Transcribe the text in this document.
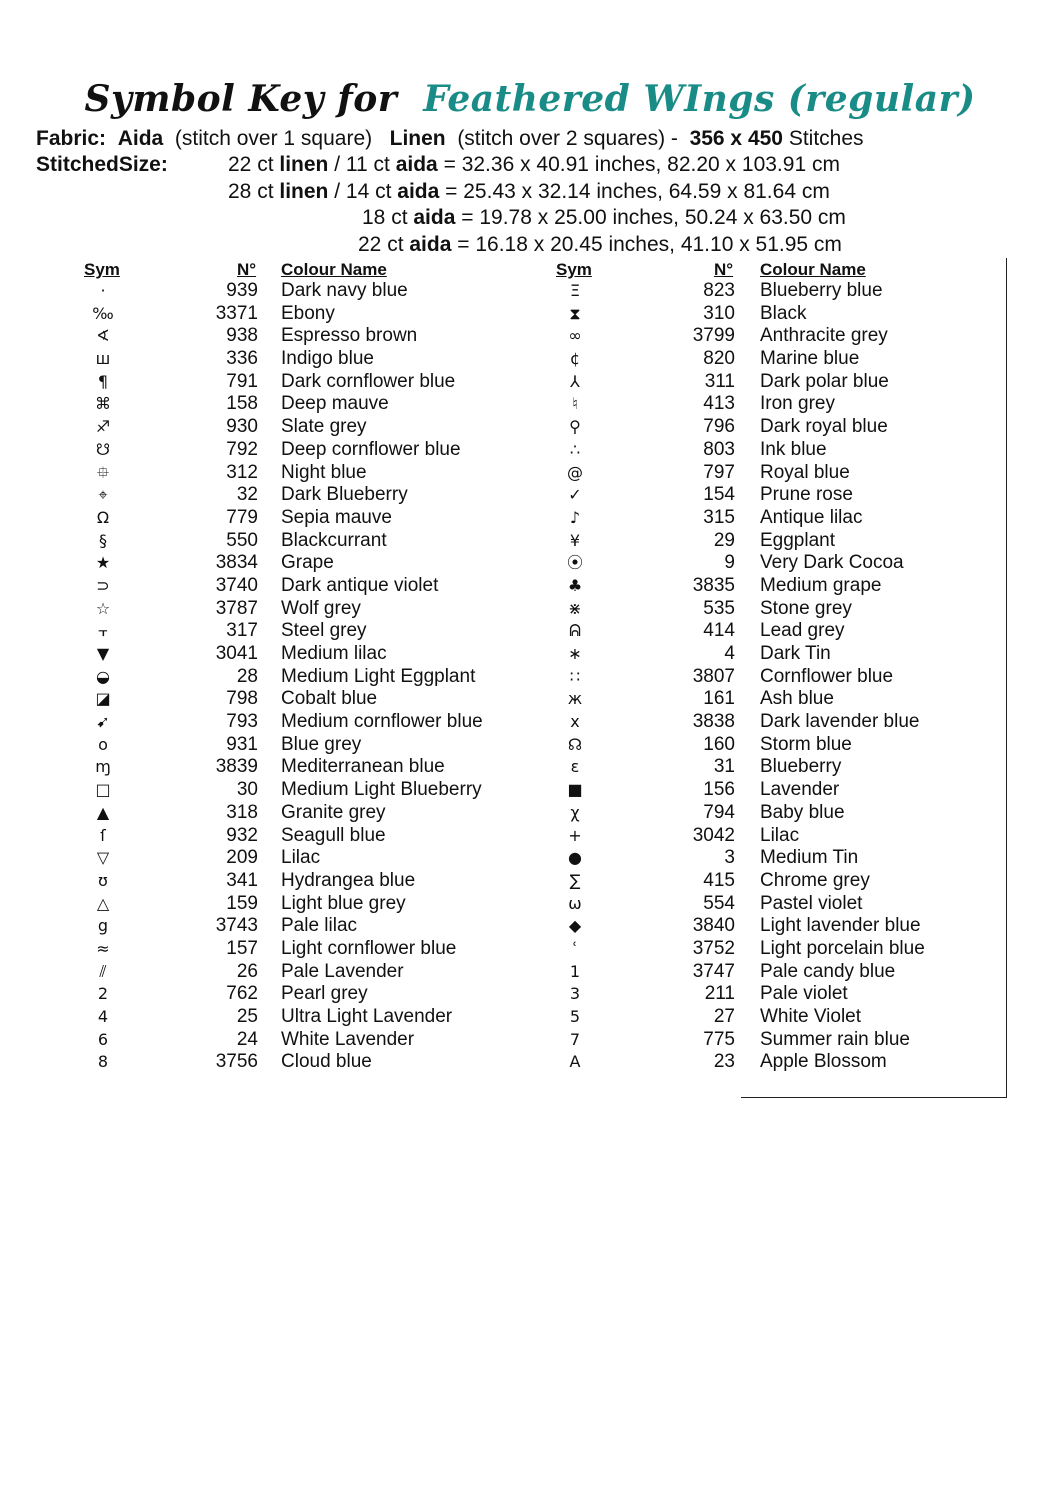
Symbol Key for Feathered WIngs (regular)
Fabric: Aida (stitch over 1 square) Linen (stitch over 2 squares) - 356 x 450 Stitches
StitchedSize:	22 ct linen / 11 ct aida = 32.36 x 40.91 inches, 82.20 x 103.91 cm
28 ct linen / 14 ct aida = 25.43 x 32.14 inches, 64.59 x 81.64 cm
18 ct aida = 19.78 x 25.00 inches, 50.24 x 63.50 cm
22 ct aida = 16.18 x 20.45 inches, 41.10 x 51.95 cm
Sym	N° Colour Name	Sym	N° Colour Name
·	939 Dark navy blue
‰	3371 Ebony
∢	938 Espresso brown
ш	336 Indigo blue
¶	791 Dark cornflower blue
⌘	158 Deep mauve
♐	930 Slate grey
☋	792 Deep cornflower blue
⯐	312 Night blue
⌖	32 Dark Blueberry
Ω	779 Sepia mauve
§	550 Blackcurrant
★	3834 Grape
⊃	3740 Dark antique violet
☆	3787 Wolf grey
⫟	317 Steel grey
▼	3041 Medium lilac
◒	28 Medium Light Eggplant
◪	798 Cobalt blue
➹	793 Medium cornflower blue
o	931 Blue grey
ɱ	3839 Mediterranean blue
□	30 Medium Light Blueberry
▲	318 Granite grey
ſ	932 Seagull blue
▽	209 Lilac
ʊ	341 Hydrangea blue
△	159 Light blue grey
g	3743 Pale lilac
≈	157 Light cornflower blue
⫽	26 Pale Lavender
2	762 Pearl grey
4	25 Ultra Light Lavender
6	24 White Lavender
8	3756 Cloud blue
Ξ	823 Blueberry blue
⧗	310 Black
∞	3799 Anthracite grey
¢	820 Marine blue
⅄	311 Dark polar blue
♮	413 Iron grey
⚲	796 Dark royal blue
∴	803 Ink blue
@	797 Royal blue
✓	154 Prune rose
♪	315 Antique lilac
¥	29 Eggplant
⦿	9 Very Dark Cocoa
♣	3835 Medium grape
⋇	535 Stone grey
ᕱ	414 Lead grey
∗	4 Dark Tin
∷	3807 Cornflower blue
ж	161 Ash blue
x	3838 Dark lavender blue
☊	160 Storm blue
ε	31 Blueberry
■	156 Lavender
χ	794 Baby blue
+	3042 Lilac
●	3 Medium Tin
∑	415 Chrome grey
ω	554 Pastel violet
◆	3840 Light lavender blue
ʿ	3752 Light porcelain blue
1	3747 Pale candy blue
3	211 Pale violet
5	27 White Violet
7	775 Summer rain blue
A	23 Apple Blossom
